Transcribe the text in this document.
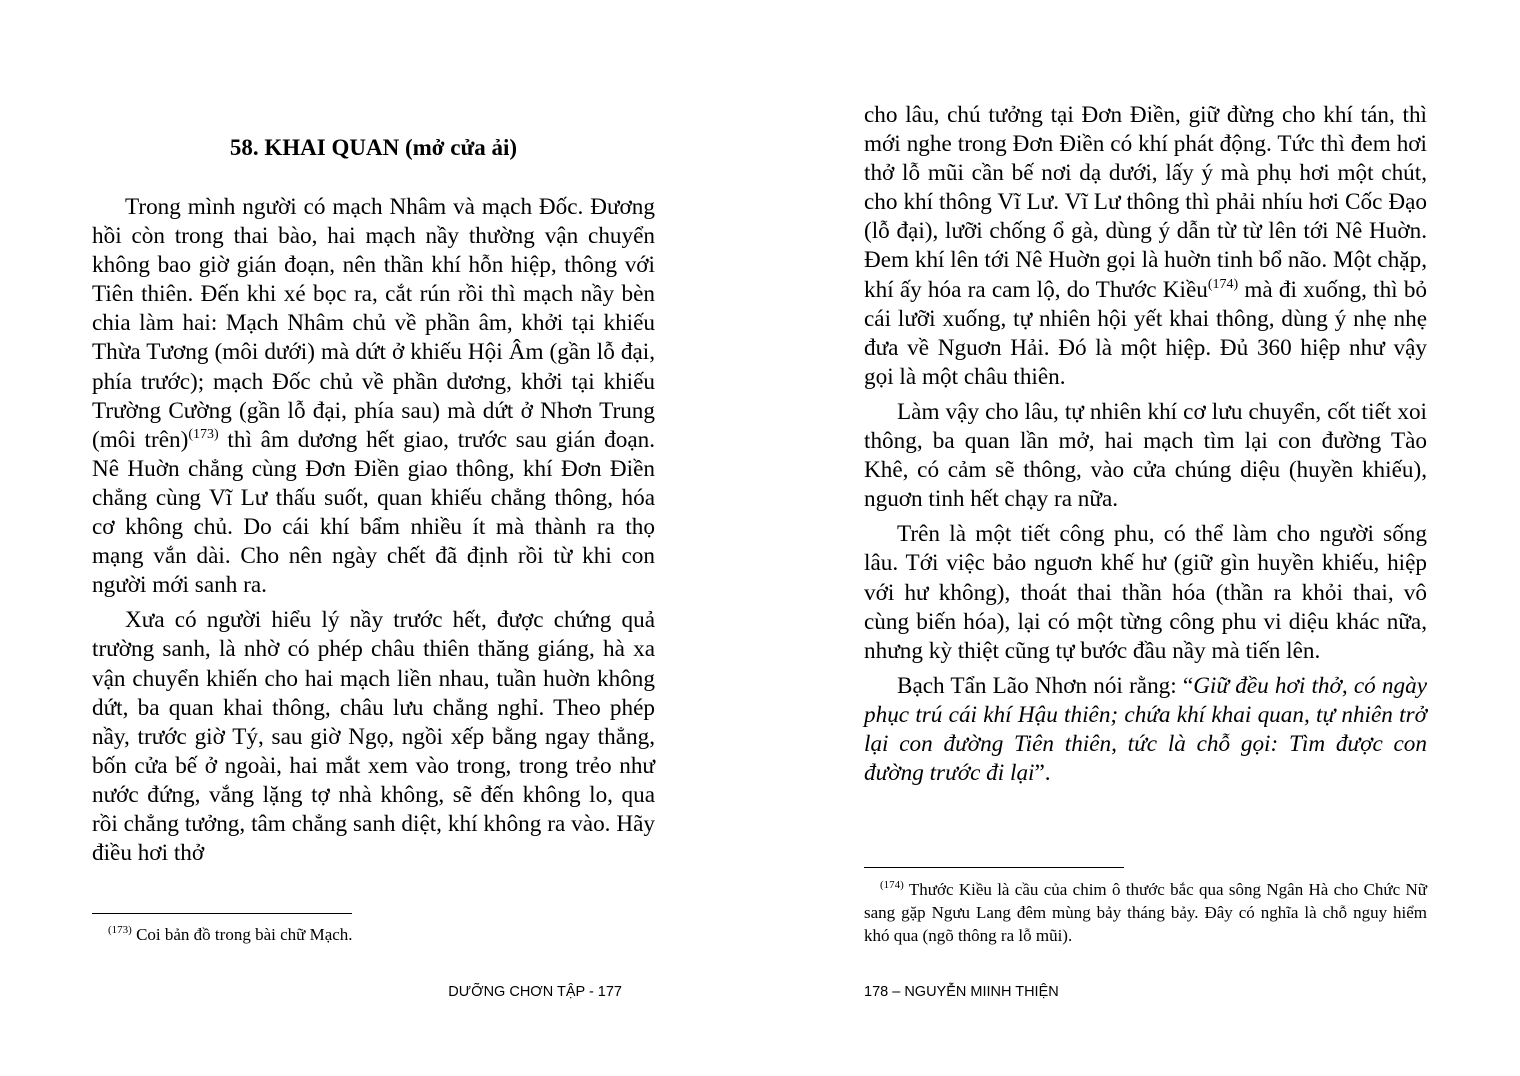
58. KHAI QUAN (mở cửa ải)

Trong mình người có mạch Nhâm và mạch Đốc. Đương hồi còn trong thai bào, hai mạch nầy thường vận chuyển không bao giờ gián đoạn, nên thần khí hỗn hiệp, thông với Tiên thiên. Đến khi xé bọc ra, cắt rún rồi thì mạch nầy bèn chia làm hai: Mạch Nhâm chủ về phần âm, khởi tại khiếu Thừa Tương (môi dưới) mà dứt ở khiếu Hội Âm (gần lỗ đại, phía trước); mạch Đốc chủ về phần dương, khởi tại khiếu Trường Cường (gần lỗ đại, phía sau) mà dứt ở Nhơn Trung (môi trên)$^{(173)}$ thì âm dương hết giao, trước sau gián đoạn. Nê Huờn chẳng cùng Đơn Điền giao thông, khí Đơn Điền chẳng cùng Vĩ Lư thấu suốt, quan khiếu chẳng thông, hóa cơ không chủ. Do cái khí bẩm nhiều ít mà thành ra thọ mạng vắn dài. Cho nên ngày chết đã định rồi từ khi con người mới sanh ra.

Xưa có người hiểu lý nầy trước hết, được chứng quả trường sanh, là nhờ có phép châu thiên thăng giáng, hà xa vận chuyển khiến cho hai mạch liền nhau, tuần huờn không dứt, ba quan khai thông, châu lưu chẳng nghỉ. Theo phép nầy, trước giờ Tý, sau giờ Ngọ, ngồi xếp bằng ngay thẳng, bốn cửa bế ở ngoài, hai mắt xem vào trong, trong trẻo như nước đứng, vắng lặng tợ nhà không, sẽ đến không lo, qua rồi chẳng tưởng, tâm chẳng sanh diệt, khí không ra vào. Hãy điều hơi thở

$^{(173)}$ Coi bản đồ trong bài chữ Mạch.

DƯỠNG CHƠN TẬP - 177

cho lâu, chú tưởng tại Đơn Điền, giữ đừng cho khí tán, thì mới nghe trong Đơn Điền có khí phát động. Tức thì đem hơi thở lỗ mũi cần bế nơi dạ dưới, lấy ý mà phụ hơi một chút, cho khí thông Vĩ Lư. Vĩ Lư thông thì phải nhíu hơi Cốc Đạo (lỗ đại), lưỡi chống ổ gà, dùng ý dẫn từ từ lên tới Nê Huờn. Đem khí lên tới Nê Huờn gọi là huờn tinh bổ não. Một chặp, khí ấy hóa ra cam lộ, do Thước Kiều$^{(174)}$ mà đi xuống, thì bỏ cái lưỡi xuống, tự nhiên hội yết khai thông, dùng ý nhẹ nhẹ đưa về Nguơn Hải. Đó là một hiệp. Đủ 360 hiệp như vậy gọi là một châu thiên.

Làm vậy cho lâu, tự nhiên khí cơ lưu chuyển, cốt tiết xoi thông, ba quan lần mở, hai mạch tìm lại con đường Tào Khê, có cảm sẽ thông, vào cửa chúng diệu (huyền khiếu), nguơn tinh hết chạy ra nữa.

Trên là một tiết công phu, có thể làm cho người sống lâu. Tới việc bảo nguơn khế hư (giữ gìn huyền khiếu, hiệp với hư không), thoát thai thần hóa (thần ra khỏi thai, vô cùng biến hóa), lại có một từng công phu vi diệu khác nữa, nhưng kỳ thiệt cũng tự bước đầu nầy mà tiến lên.

Bạch Tẩn Lão Nhơn nói rằng: “Giữ đều hơi thở, có ngày phục trú cái khí Hậu thiên; chứa khí khai quan, tự nhiên trở lại con đường Tiên thiên, tức là chỗ gọi: Tìm được con đường trước đi lại”.

$^{(174)}$ Thước Kiều là cầu của chim ô thước bắc qua sông Ngân Hà cho Chức Nữ sang gặp Ngưu Lang đêm mùng bảy tháng bảy. Đây có nghĩa là chỗ nguy hiểm khó qua (ngõ thông ra lỗ mũi).

178 – NGUYỄN MIINH THIỆN
